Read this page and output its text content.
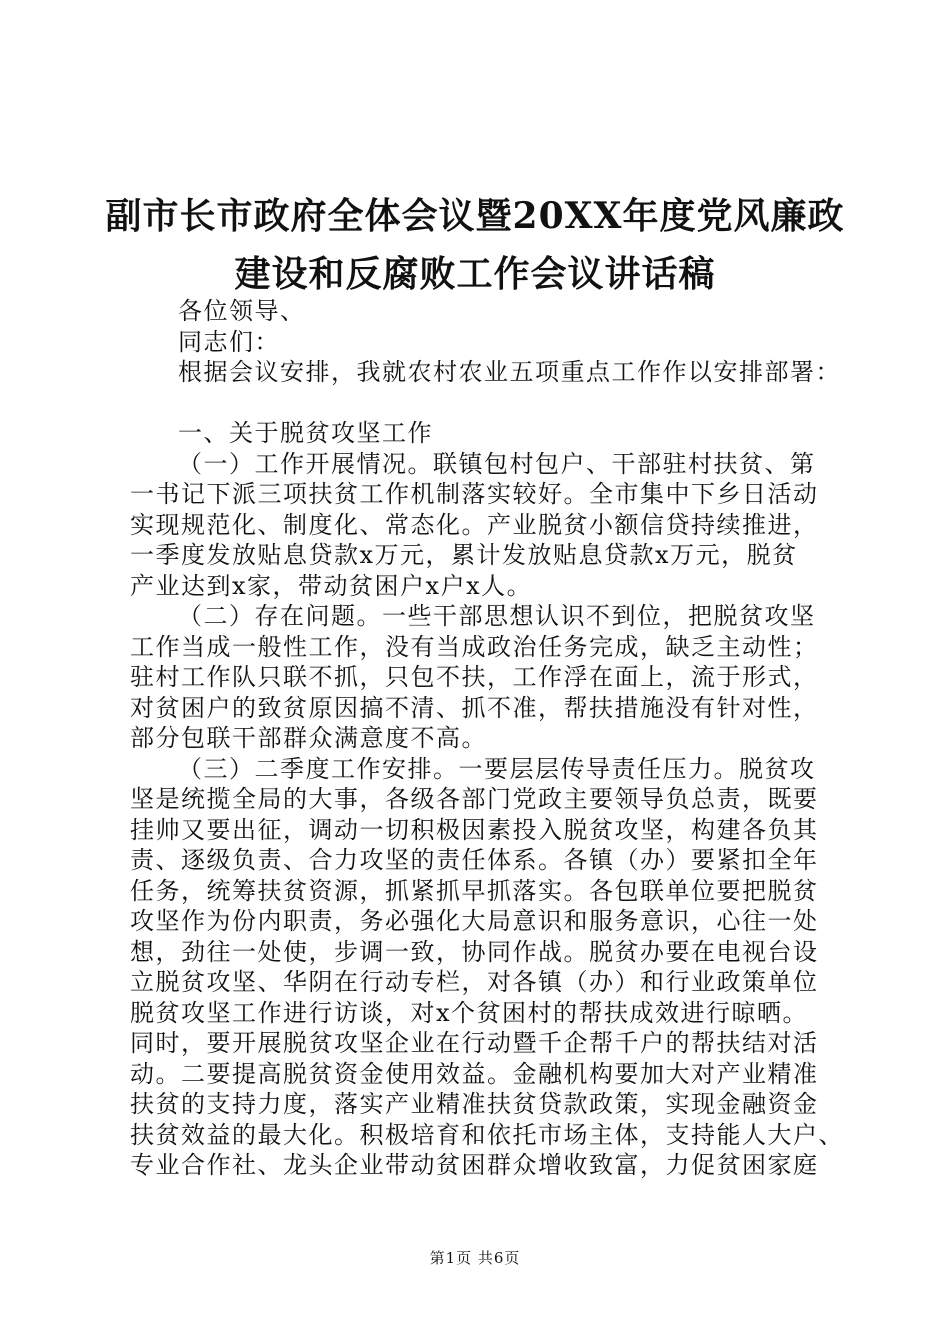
副市长市政府全体会议暨20XX年度党风廉政
建设和反腐败工作会议讲话稿
各位领导、
同志们：
根据会议安排，我就农村农业五项重点工作作以安排部署：
一、关于脱贫攻坚工作
（一）工作开展情况。联镇包村包户、干部驻村扶贫、第
一书记下派三项扶贫工作机制落实较好。全市集中下乡日活动
实现规范化、制度化、常态化。产业脱贫小额信贷持续推进，
一季度发放贴息贷款x万元，累计发放贴息贷款x万元，脱贫
产业达到x家，带动贫困户x户x人。
（二）存在问题。一些干部思想认识不到位，把脱贫攻坚
工作当成一般性工作，没有当成政治任务完成，缺乏主动性；
驻村工作队只联不抓，只包不扶，工作浮在面上，流于形式，
对贫困户的致贫原因搞不清、抓不准，帮扶措施没有针对性，
部分包联干部群众满意度不高。
（三）二季度工作安排。一要层层传导责任压力。脱贫攻
坚是统揽全局的大事，各级各部门党政主要领导负总责，既要
挂帅又要出征，调动一切积极因素投入脱贫攻坚，构建各负其
责、逐级负责、合力攻坚的责任体系。各镇（办）要紧扣全年
任务，统筹扶贫资源，抓紧抓早抓落实。各包联单位要把脱贫
攻坚作为份内职责，务必强化大局意识和服务意识，心往一处
想，劲往一处使，步调一致，协同作战。脱贫办要在电视台设
立脱贫攻坚、华阴在行动专栏，对各镇（办）和行业政策单位
脱贫攻坚工作进行访谈，对x个贫困村的帮扶成效进行晾晒。
同时，要开展脱贫攻坚企业在行动暨千企帮千户的帮扶结对活
动。二要提高脱贫资金使用效益。金融机构要加大对产业精准
扶贫的支持力度，落实产业精准扶贫贷款政策，实现金融资金
扶贫效益的最大化。积极培育和依托市场主体，支持能人大户、
专业合作社、龙头企业带动贫困群众增收致富，力促贫困家庭
第1页 共6页
